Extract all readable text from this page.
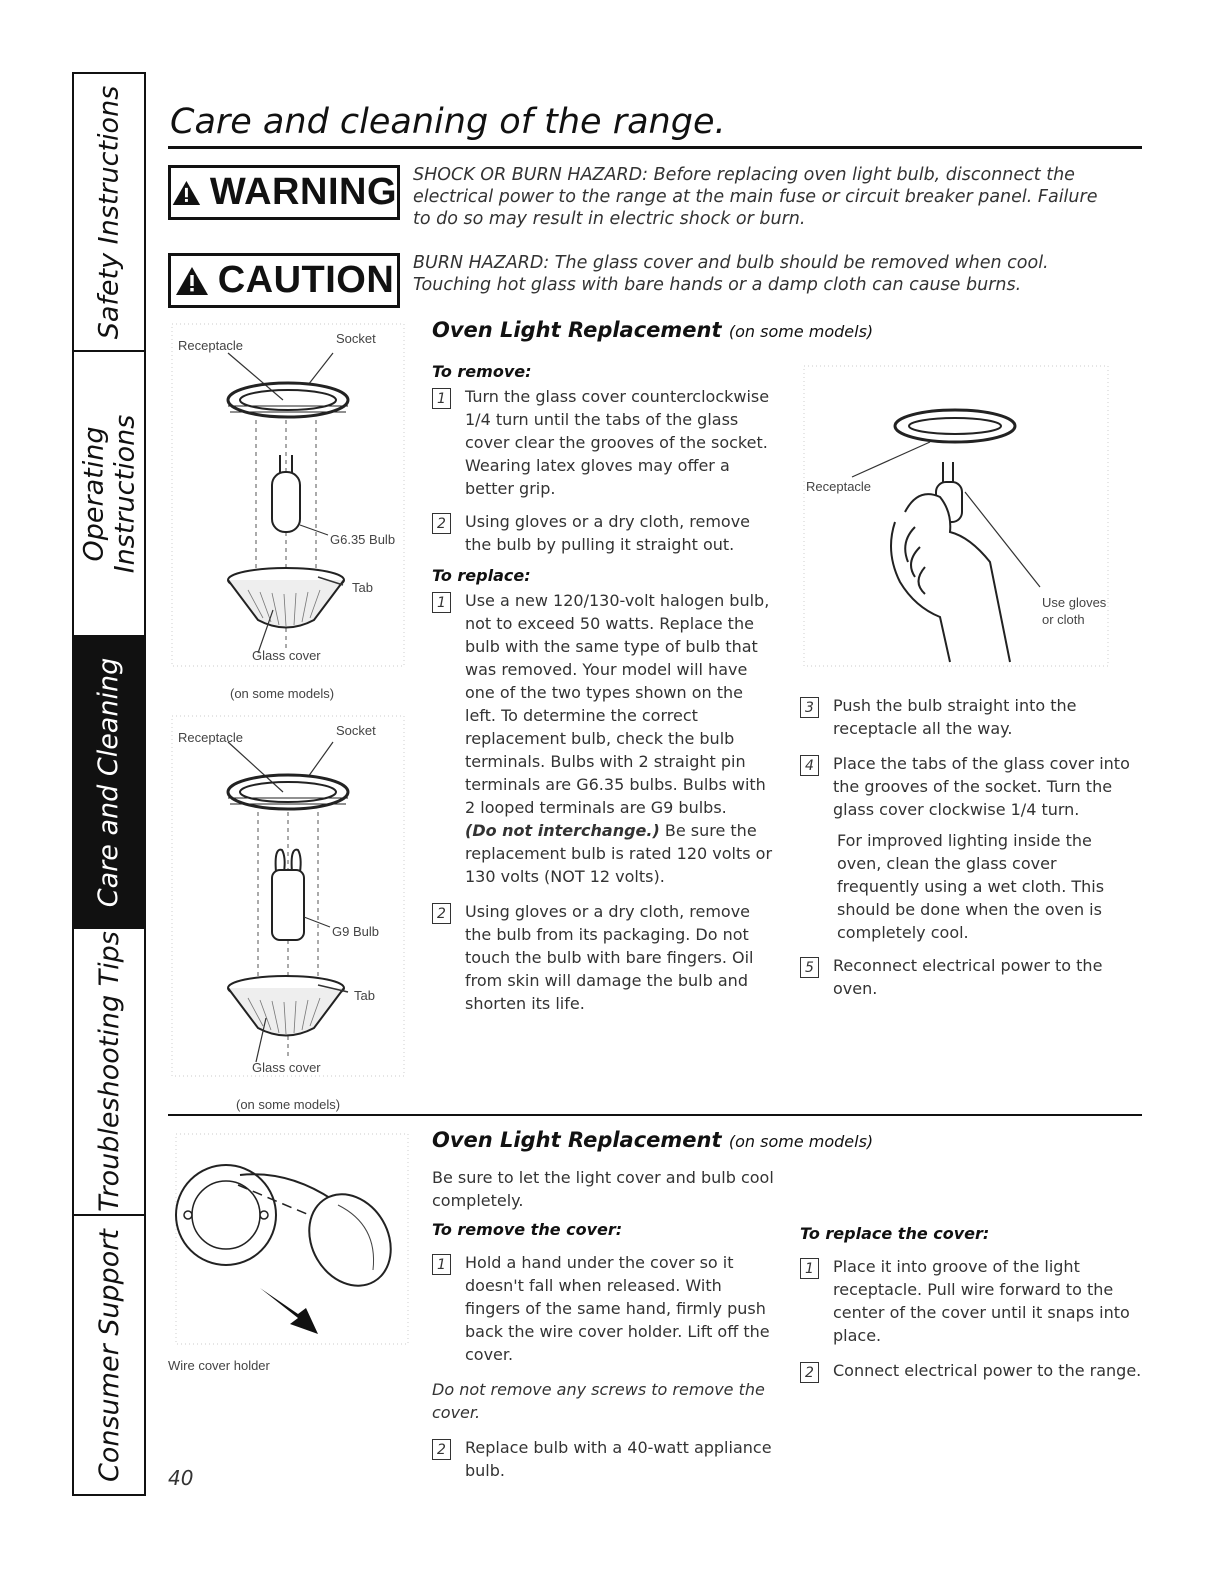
Safety Instructions
Operating
Instructions
Care and Cleaning
Troubleshooting Tips
Consumer Support
Care and cleaning of the range.
WARNING SHOCK OR BURN HAZARD: Before replacing oven light bulb, disconnect the electrical power to the range at the main fuse or circuit breaker panel. Failure to do so may result in electric shock or burn.
CAUTION BURN HAZARD: The glass cover and bulb should be removed when cool. Touching hot glass with bare hands or a damp cloth can cause burns.
Receptacle	Socket
G6.35 Bulb
Tab
Glass cover
(on some models)
Receptacle	Socket
G9 Bulb
Tab
Glass cover
(on some models)
Oven Light Replacement (on some models)
To remove:
1	Turn the glass cover counterclockwise 1/4 turn until the tabs of the glass cover clear the grooves of the socket. Wearing latex gloves may offer a better grip.
2	Using gloves or a dry cloth, remove the bulb by pulling it straight out.
To replace:
1	Use a new 120/130-volt halogen bulb, not to exceed 50 watts. Replace the bulb with the same type of bulb that was removed. Your model will have one of the two types shown on the left. To determine the correct replacement bulb, check the bulb terminals. Bulbs with 2 straight pin terminals are G6.35 bulbs. Bulbs with 2 looped terminals are G9 bulbs.
(Do not interchange.) Be sure the replacement bulb is rated 120 volts or 130 volts (NOT 12 volts).
2	Using gloves or a dry cloth, remove the bulb from its packaging. Do not touch the bulb with bare fingers. Oil from skin will damage the bulb and shorten its life.
Receptacle
Use gloves
or cloth
3	Push the bulb straight into the receptacle all the way.
4	Place the tabs of the glass cover into the grooves of the socket. Turn the glass cover clockwise 1/4 turn.
For improved lighting inside the oven, clean the glass cover frequently using a wet cloth. This should be done when the oven is completely cool.
5	Reconnect electrical power to the oven.
Wire cover holder
Oven Light Replacement (on some models)
Be sure to let the light cover and bulb cool completely.
To remove the cover:
1	Hold a hand under the cover so it doesn't fall when released. With fingers of the same hand, firmly push back the wire cover holder. Lift off the cover.
Do not remove any screws to remove the cover.
2	Replace bulb with a 40-watt appliance bulb.
To replace the cover:
1	Place it into groove of the light receptacle. Pull wire forward to the center of the cover until it snaps into place.
2	Connect electrical power to the range.
40
